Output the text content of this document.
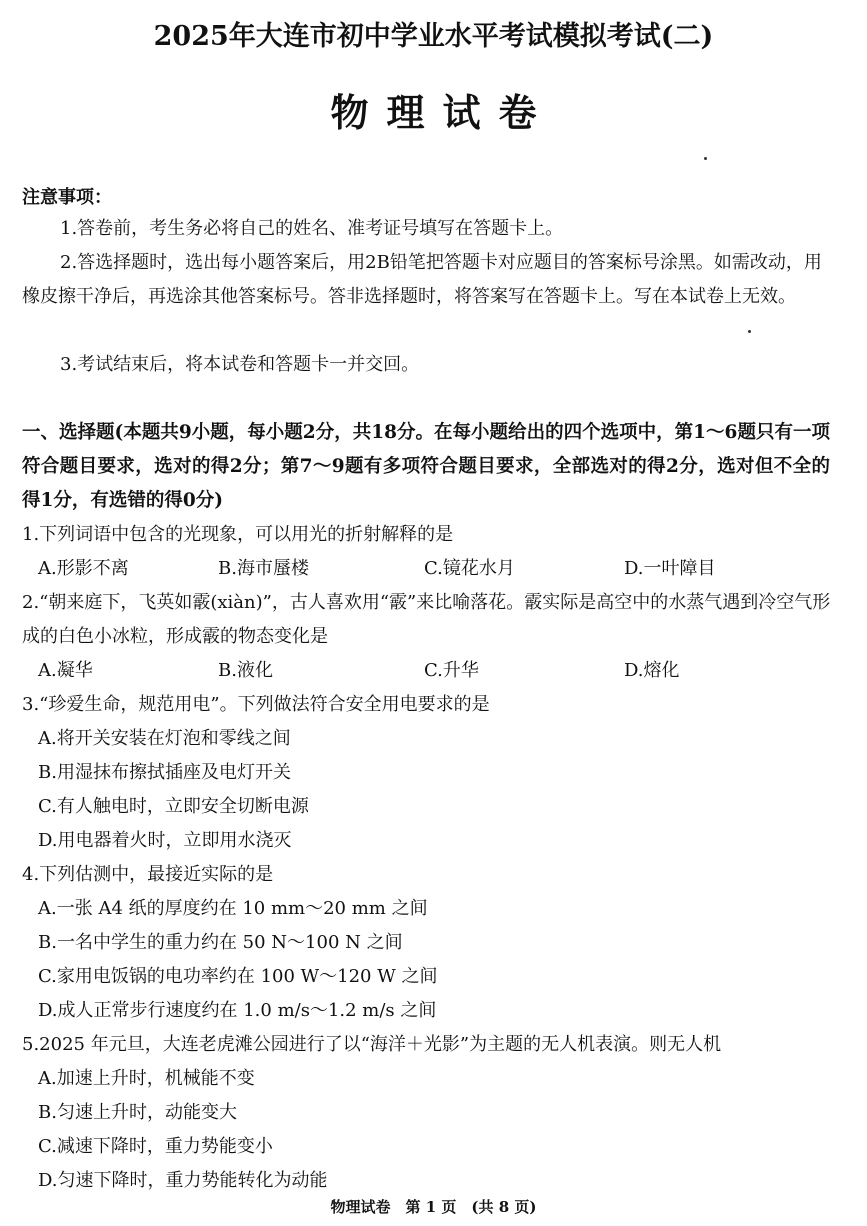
2025年大连市初中学业水平考试模拟考试(二)
物理试卷
注意事项：
1.答卷前，考生务必将自己的姓名、准考证号填写在答题卡上。
2.答选择题时，选出每小题答案后，用2B铅笔把答题卡对应题目的答案标号涂黑。如需改动，用橡皮擦干净后，再选涂其他答案标号。答非选择题时，将答案写在答题卡上。写在本试卷上无效。
3.考试结束后，将本试卷和答题卡一并交回。
一、选择题(本题共9小题，每小题2分，共18分。在每小题给出的四个选项中，第1～6题只有一项符合题目要求，选对的得2分；第7～9题有多项符合题目要求，全部选对的得2分，选对但不全的得1分，有选错的得0分)
1.下列词语中包含的光现象，可以用光的折射解释的是
A.形影不离	B.海市蜃楼	C.镜花水月	D.一叶障目
2.“朝来庭下，飞英如霰(xiàn)”，古人喜欢用“霰”来比喻落花。霰实际是高空中的水蒸气遇到冷空气形成的白色小冰粒，形成霰的物态变化是
A.凝华	B.液化	C.升华	D.熔化
3.“珍爱生命，规范用电”。下列做法符合安全用电要求的是
A.将开关安装在灯泡和零线之间
B.用湿抹布擦拭插座及电灯开关
C.有人触电时，立即安全切断电源
D.用电器着火时，立即用水浇灭
4.下列估测中，最接近实际的是
A.一张 A4 纸的厚度约在 10 mm～20 mm 之间
B.一名中学生的重力约在 50 N～100 N 之间
C.家用电饭锅的电功率约在 100 W～120 W 之间
D.成人正常步行速度约在 1.0 m/s～1.2 m/s 之间
5.2025 年元旦，大连老虎滩公园进行了以“海洋＋光影”为主题的无人机表演。则无人机
A.加速上升时，机械能不变
B.匀速上升时，动能变大
C.减速下降时，重力势能变小
D.匀速下降时，重力势能转化为动能
物理试卷　第 1 页　(共 8 页)
